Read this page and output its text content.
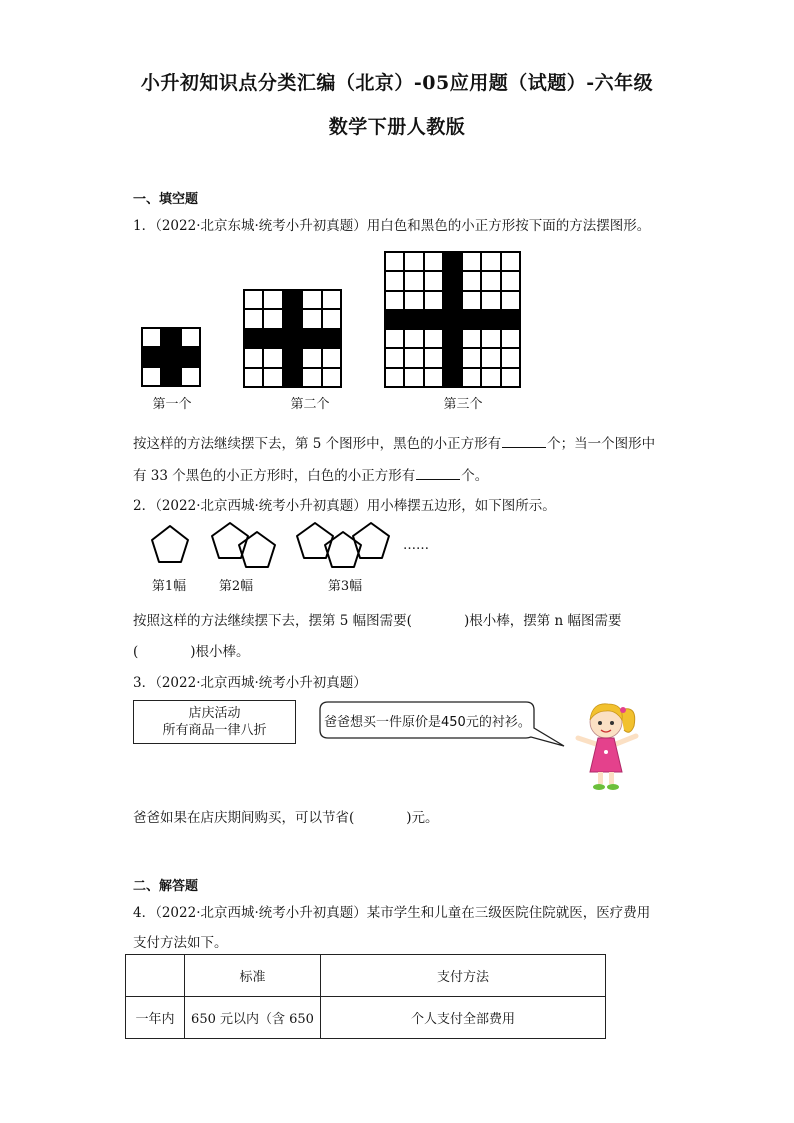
小升初知识点分类汇编（北京）-05应用题（试题）-六年级
数学下册人教版
一、填空题
1．（2022·北京东城·统考小升初真题）用白色和黑色的小正方形按下面的方法摆图形。
第一个	第二个	第三个
按这样的方法继续摆下去，第 5 个图形中，黑色的小正方形有	个；当一个图形中
有 33 个黑色的小正方形时，白色的小正方形有	个。
2．（2022·北京西城·统考小升初真题）用小棒摆五边形，如下图所示。
……
第1幅	第2幅	第3幅
按照这样的方法继续摆下去，摆第 5 幅图需要(	)根小棒，摆第 n 幅图需要
(	)根小棒。
3．（2022·北京西城·统考小升初真题）
店庆活动
所有商品一律八折
爸爸想买一件原价是450元的衬衫。
爸爸如果在店庆期间购买，可以节省(	)元。
二、解答题
4．（2022·北京西城·统考小升初真题）某市学生和儿童在三级医院住院就医，医疗费用
支付方法如下。
	标准	支付方法
一年内	650 元以内（含 650	个人支付全部费用
